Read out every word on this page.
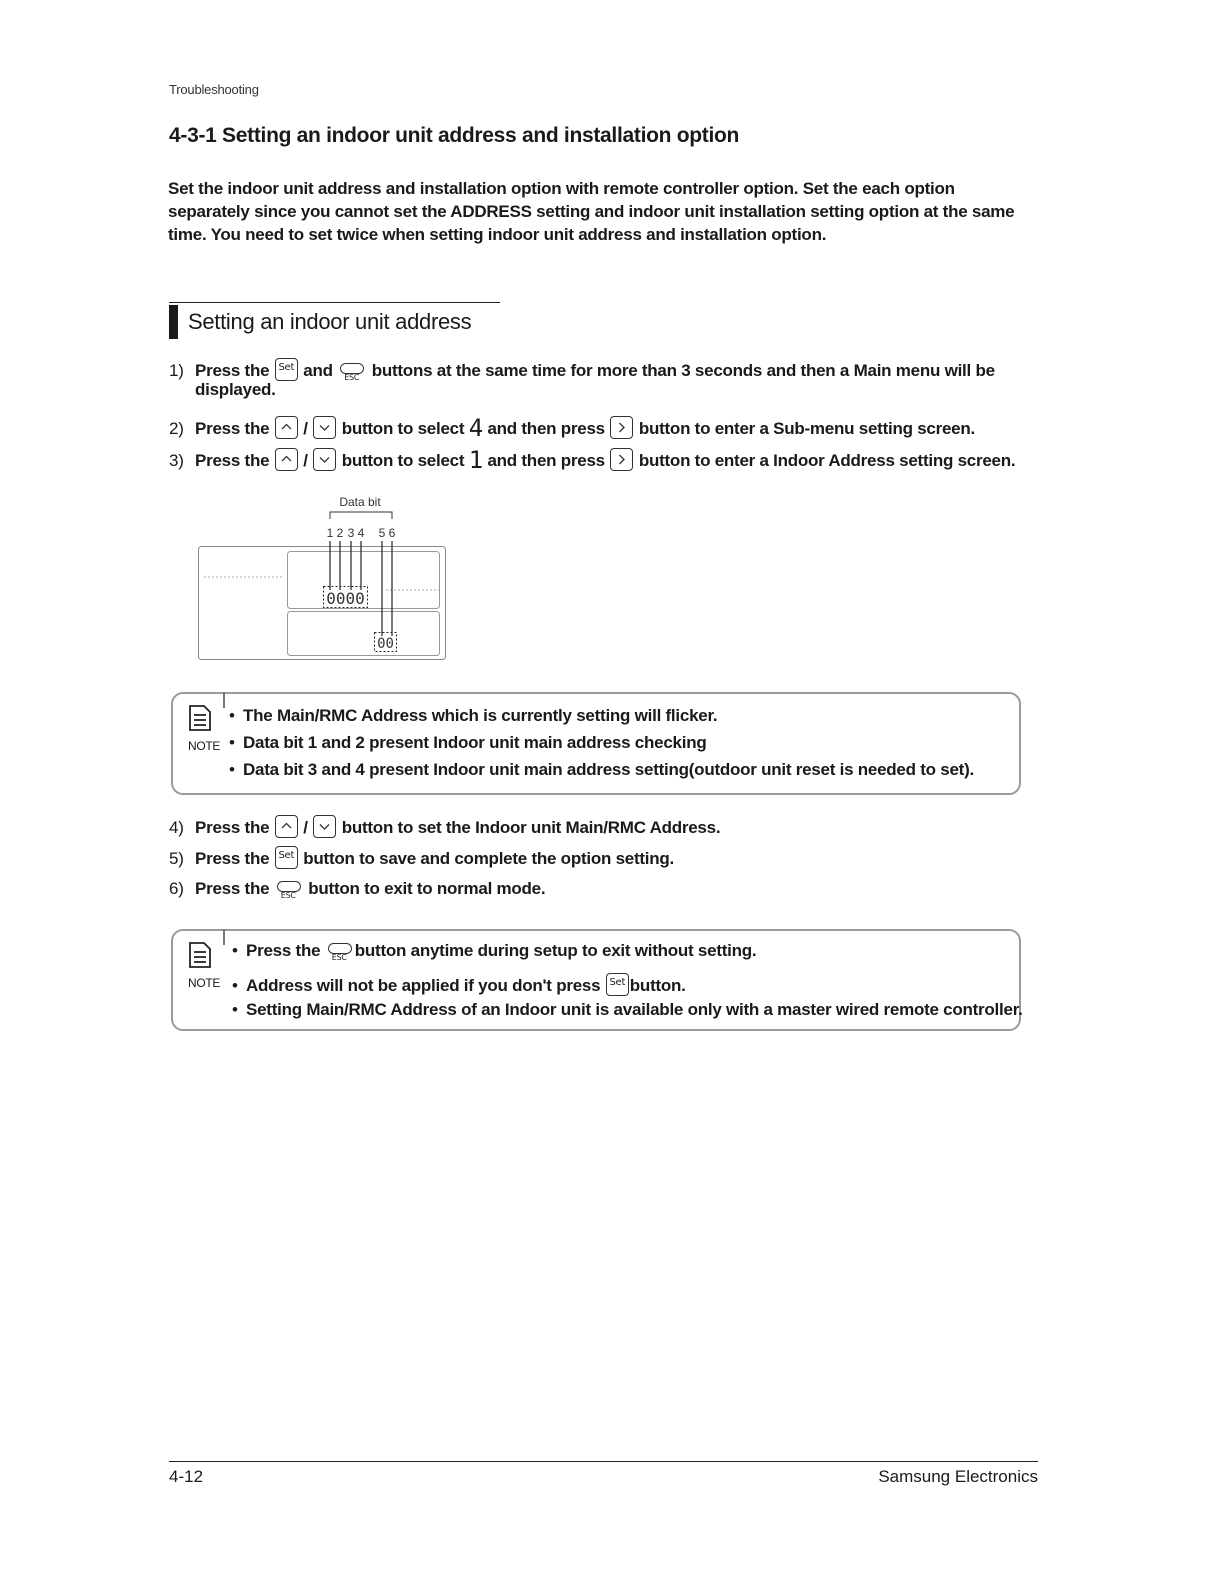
Troubleshooting
4-3-1 Setting an indoor unit address and installation option

Set the indoor unit address and installation option with remote controller option. Set the each option separately since you cannot set the ADDRESS setting and indoor unit installation setting option at the same time. You need to set twice when setting indoor unit address and installation option.

Setting an indoor unit address
1) Press the Set and ESC buttons at the same time for more than 3 seconds and then a Main menu will be
displayed.
2) Press the / button to select 4 and then press button to enter a Sub-menu setting screen.
3) Press the / button to select 1 and then press button to enter a Indoor Address setting screen.
Data bit
1 2 3 4 5 6
0000
00
NOTE
• The Main/RMC Address which is currently setting will flicker.
• Data bit 1 and 2 present Indoor unit main address checking
• Data bit 3 and 4 present Indoor unit main address setting(outdoor unit reset is needed to set).
4) Press the / button to set the Indoor unit Main/RMC Address.
5) Press the Set button to save and complete the option setting.
6) Press the ESC button to exit to normal mode.
NOTE
• Press the ESC button anytime during setup to exit without setting.
• Address will not be applied if you don't press Set button.
• Setting Main/RMC Address of an Indoor unit is available only with a master wired remote controller.
4-12	Samsung Electronics
